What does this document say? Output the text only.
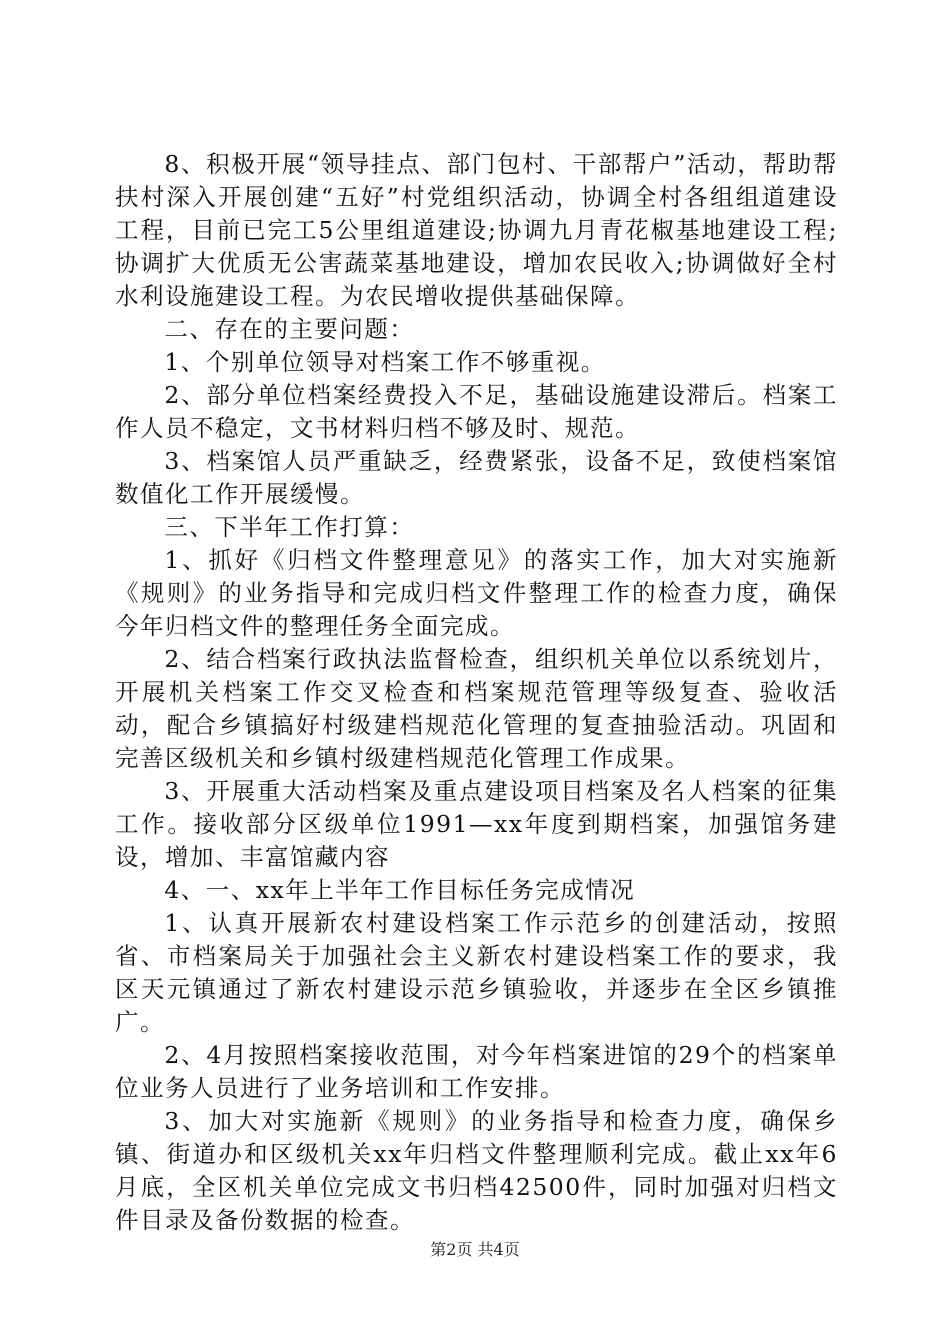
8、积极开展“领导挂点、部门包村、干部帮户”活动，帮助帮扶村深入开展创建“五好”村党组织活动，协调全村各组组道建设工程，目前已完工5公里组道建设;协调九月青花椒基地建设工程;协调扩大优质无公害蔬菜基地建设，增加农民收入;协调做好全村水利设施建设工程。为农民增收提供基础保障。

二、存在的主要问题：

1、个别单位领导对档案工作不够重视。

2、部分单位档案经费投入不足，基础设施建设滞后。档案工作人员不稳定，文书材料归档不够及时、规范。

3、档案馆人员严重缺乏，经费紧张，设备不足，致使档案馆数值化工作开展缓慢。

三、下半年工作打算：

1、抓好《归档文件整理意见》的落实工作，加大对实施新《规则》的业务指导和完成归档文件整理工作的检查力度，确保今年归档文件的整理任务全面完成。

2、结合档案行政执法监督检查，组织机关单位以系统划片，开展机关档案工作交叉检查和档案规范管理等级复查、验收活动，配合乡镇搞好村级建档规范化管理的复查抽验活动。巩固和完善区级机关和乡镇村级建档规范化管理工作成果。

3、开展重大活动档案及重点建设项目档案及名人档案的征集工作。接收部分区级单位1991—xx年度到期档案，加强馆务建设，增加、丰富馆藏内容

4、一、xx年上半年工作目标任务完成情况

1、认真开展新农村建设档案工作示范乡的创建活动，按照省、市档案局关于加强社会主义新农村建设档案工作的要求，我区天元镇通过了新农村建设示范乡镇验收，并逐步在全区乡镇推广。

2、4月按照档案接收范围，对今年档案进馆的29个的档案单位业务人员进行了业务培训和工作安排。

3、加大对实施新《规则》的业务指导和检查力度，确保乡镇、街道办和区级机关xx年归档文件整理顺利完成。截止xx年6月底，全区机关单位完成文书归档42500件，同时加强对归档文件目录及备份数据的检查。

第2页 共4页
